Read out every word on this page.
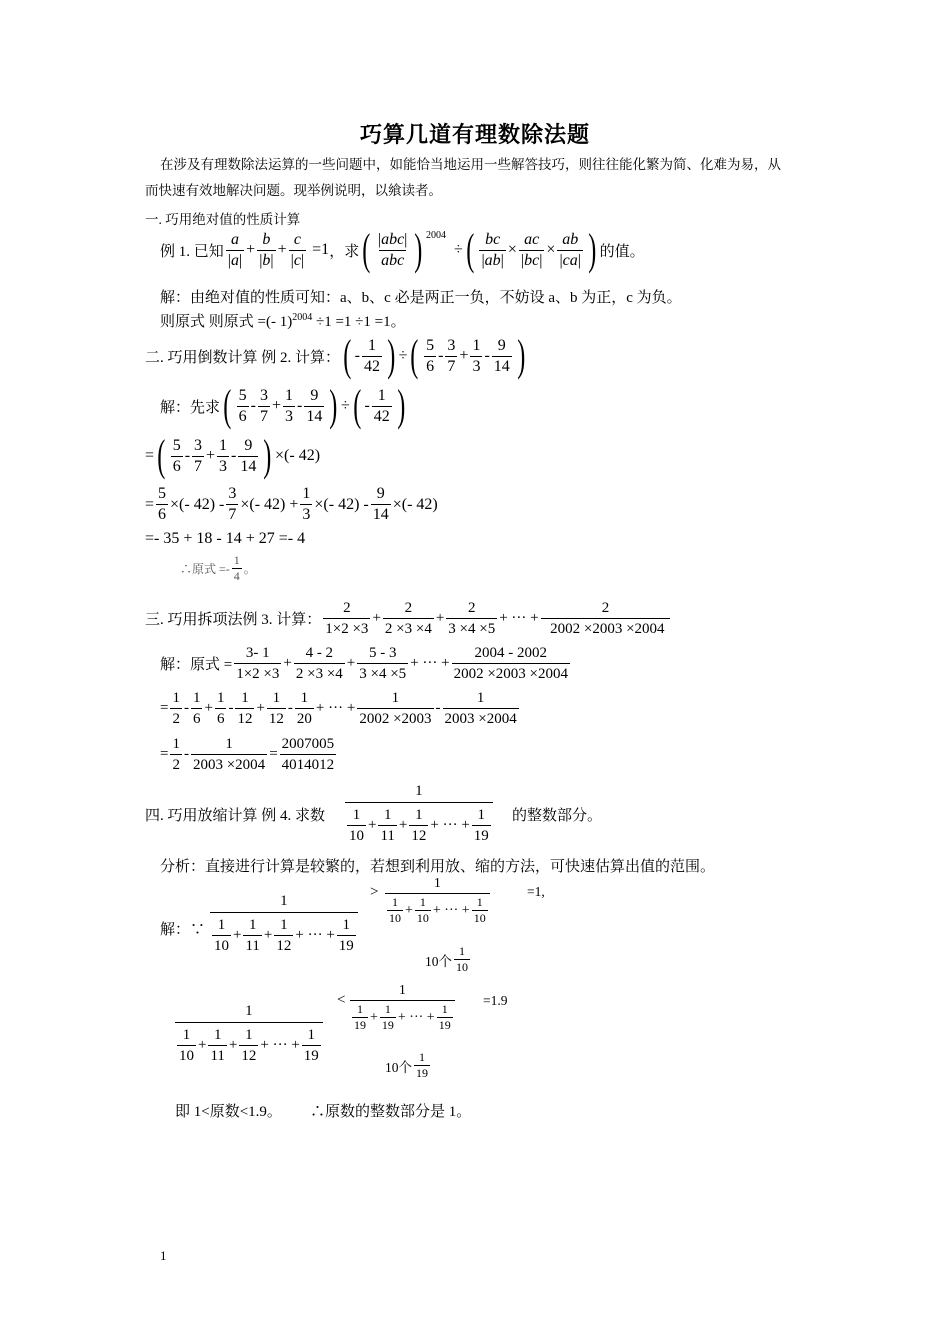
巧算几道有理数除法题
在涉及有理数除法运算的一些问题中，如能恰当地运用一些解答技巧，则往往能化繁为简、化难为易，从
而快速有效地解决问题。现举例说明，以飨读者。
一. 巧用绝对值的性质计算
例 1. 已知 $\frac{a}{|a|} + \frac{b}{|b|} + \frac{c}{|c|} =1$ ，求 ( $\frac{\text{|abc|}}{\text{abc}}$ ) 2004
÷ ( $\frac{bc}{|ab|} \times \frac{ac}{|bc|} \times \frac{ab}{|ca|}$ ) 的值。
解：由绝对值的性质可知：a、b、c 必是两正一负，不妨设 a、b 为正，c 为负。
则原式 则原式 =(- 1)$^{2004}$ ÷1 =1 ÷1 =1。
二. 巧用倒数计算 例 2. 计算： ( - $\frac{1}{42}$ ) ÷ ( $\frac{5}{6} - \frac{3}{7} + \frac{1}{3} - \frac{9}{14}$ )
解：先求 ( $\frac{5}{6} - \frac{3}{7} + \frac{1}{3} - \frac{9}{14}$ ) ÷ ( - $\frac{1}{42}$ )
= ( $\frac{5}{6} - \frac{3}{7} + \frac{1}{3} - \frac{9}{14}$ ) ×(- 42)
= $\frac{5}{6}$ ×(- $42) - \frac{3}{7}$ ×(- $42) + \frac{1}{3}$ ×(- $42) - \frac{9}{14}$ ×(- 42)
=- 35 + 18 - 14 + 27 =- 4
∴原式 =- $\frac{1}{4}$ 。
三. 巧用拆项法例 3. 计算： $\frac{2}{1\times 2 \times 3} + \frac{2}{2 \times 3 \times 4} + \frac{2}{3 \times 4 \times 5}$ + ··· + $\frac{2}{2002 \times 2003 \times 2004}$
解：原式 = $\frac{3- 1}{1\times 2 \times 3} + \frac{4 - 2}{2 \times 3 \times 4} + \frac{5 - 3}{3 \times 4 \times 5}$ + ··· + $\frac{2004 - 2002}{2002 \times 2003 \times 2004}$
= $\frac{1}{2} - \frac{1}{6} + \frac{1}{6} - \frac{1}{12} + \frac{1}{12} - \frac{1}{20}$ + ··· + $\frac{1}{2002 \times 2003} - \frac{1}{2003 \times 2004}$
= $\frac{1}{2} - \frac{1}{2003 \times 2004} = \frac{2007005}{4014012}$
四. 巧用放缩计算 例 4. 求数
1
$\frac{1}{10} + \frac{1}{11} + \frac{1}{12}$ + ··· + $\frac{1}{19}$ 的整数部分。
分析：直接进行计算是较繁的，若想到利用放、缩的方法，可快速估算出值的范围。
解：∵
1
$\frac{1}{10} + \frac{1}{11} + \frac{1}{12}$ + ··· + $\frac{1}{19}$
>
1
$\frac{1}{10} + \frac{1}{10}$ + ··· + $\frac{1}{10}$
=1,
10个 $\frac{1}{10}$
1
$\frac{1}{10} + \frac{1}{11} + \frac{1}{12}$ + ··· + $\frac{1}{19}$
<
1
$\frac{1}{19} + \frac{1}{19}$ + ··· + $\frac{1}{19}$
=1.9
10个 $\frac{1}{19}$
即 1<原数<1.9。 ∴原数的整数部分是 1。
1
